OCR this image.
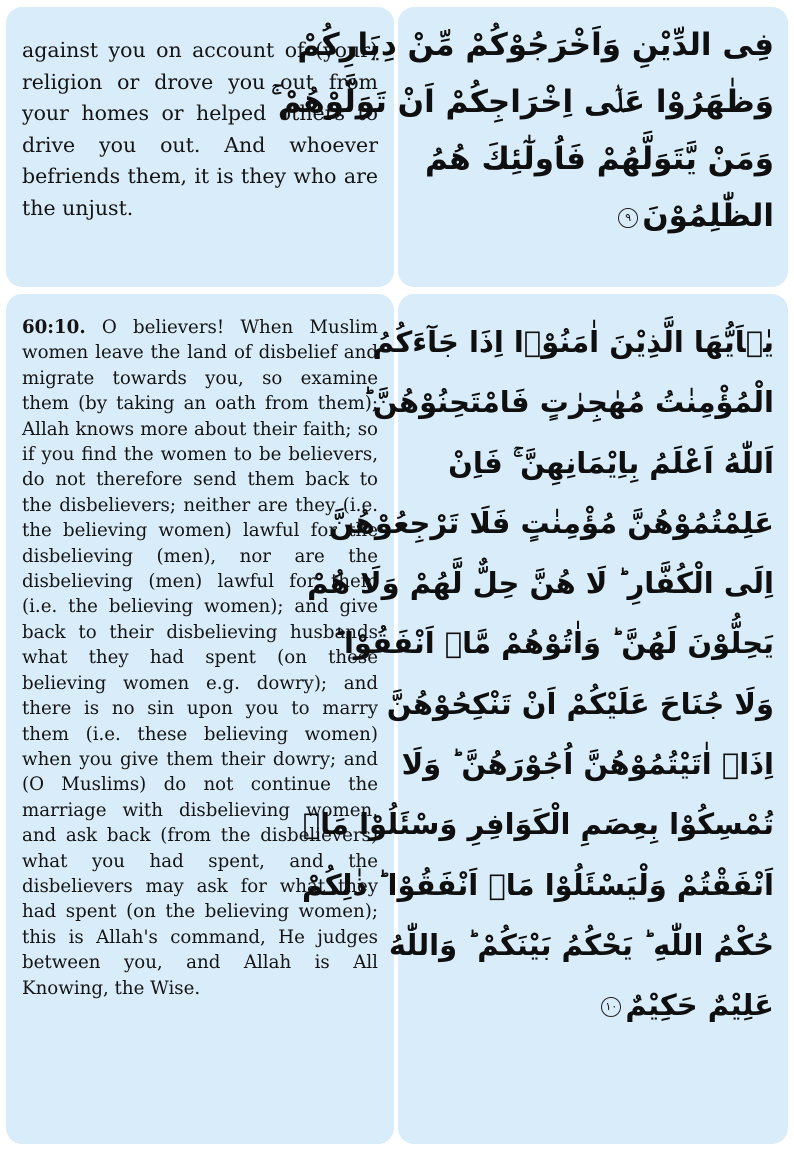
against you on account of (your) religion or drove you out from your homes or helped others to drive you out. And whoever befriends them, it is they who are the unjust.
فِى الدِّيْنِ وَاَخْرَجُوْكُمْ مِّنْ دِيَارِكُمْ
وَظٰهَرُوْا عَلٰۤى اِخْرَاجِكُمْ اَنْ تَوَلَّوْهُمْ ۚ
وَمَنْ يَّتَوَلَّهُمْ فَاُولٰٓئِكَ هُمُ
الظّٰلِمُوْنَ٩
60:10. O believers! When Muslim women leave the land of disbelief and migrate towards you, so examine them (by taking an oath from them); Allah knows more about their faith; so if you find the women to be believers, do not therefore send them back to the disbelievers; neither are they (i.e. the believing women) lawful for the disbelieving (men), nor are the disbelieving (men) lawful for them (i.e. the believing women); and give back to their disbelieving husbands what they had spent (on these believing women e.g. dowry); and there is no sin upon you to marry them (i.e. these believing women) when you give them their dowry; and (O Muslims) do not continue the marriage with disbelieving women, and ask back (from the disbelievers) what you had spent, and the disbelievers may ask for what they had spent (on the believing women); this is Allah's command, He judges between you, and Allah is All Knowing, the Wise.
يٰۤاَيُّهَا الَّذِيْنَ اٰمَنُوْۤا اِذَا جَآءَكُمُ
الْمُؤْمِنٰتُ مُهٰجِرٰتٍ فَامْتَحِنُوْهُنَّ ؕ
اَللّٰهُ اَعْلَمُ بِاِيْمَانِهِنَّ ۚ فَاِنْ
عَلِمْتُمُوْهُنَّ مُؤْمِنٰتٍ فَلَا تَرْجِعُوْهُنَّ
اِلَى الْكُفَّارِ ؕ لَا هُنَّ حِلٌّ لَّهُمْ وَلَا هُمْ
يَحِلُّوْنَ لَهُنَّ ؕ وَاٰتُوْهُمْ مَّاۤ اَنْفَقُوْا ؕ
وَلَا جُنَاحَ عَلَيْكُمْ اَنْ تَنْكِحُوْهُنَّ
اِذَاۤ اٰتَيْتُمُوْهُنَّ اُجُوْرَهُنَّ ؕ وَلَا
تُمْسِكُوْا بِعِصَمِ الْكَوَافِرِ وَسْئَلُوْا مَاۤ
اَنْفَقْتُمْ وَلْيَسْئَلُوْا مَاۤ اَنْفَقُوْا ؕ ذٰلِكُمْ
حُكْمُ اللّٰهِ ؕ يَحْكُمُ بَيْنَكُمْ ؕ وَاللّٰهُ
عَلِيْمٌ حَكِيْمٌ١٠
